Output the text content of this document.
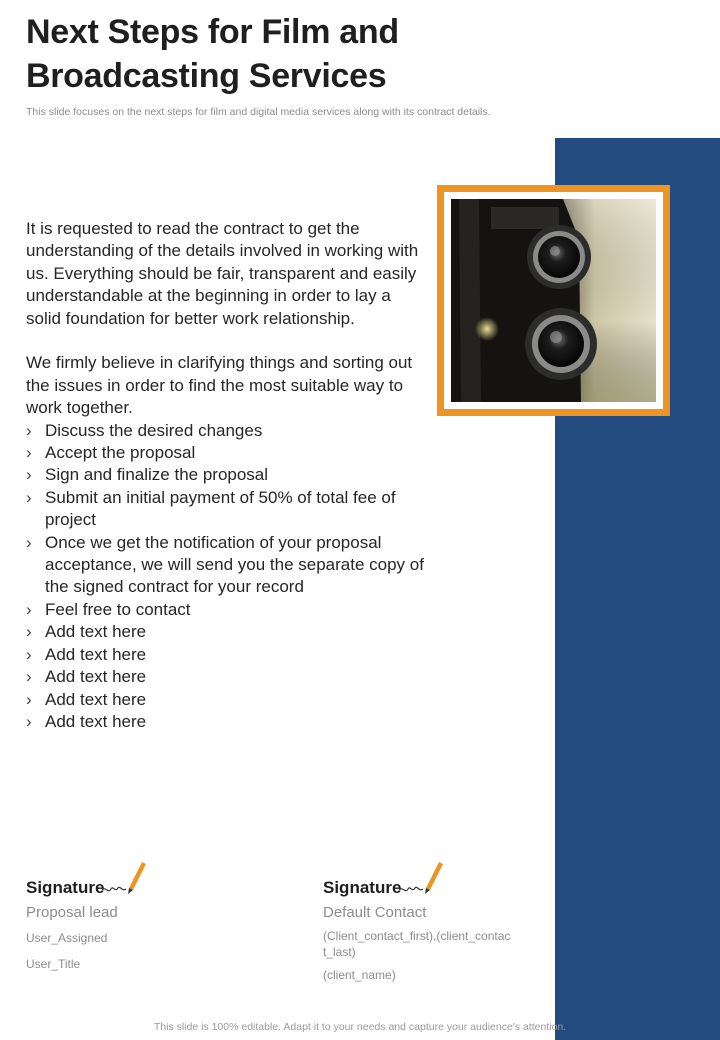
Next Steps for Film and Broadcasting Services

This slide focuses on the next steps for film and digital media services along with its contract details.

It is requested to read the contract to get the understanding of the details involved in working with us. Everything should be fair, transparent and easily understandable at the beginning in order to lay a solid foundation for better work relationship.

We firmly believe in clarifying things and sorting out the issues in order to find the most suitable way to work together.

› Discuss the desired changes
› Accept the proposal
› Sign and finalize the proposal
› Submit an initial payment of 50% of total fee of project
› Once we get the notification of your proposal acceptance, we will send you the separate copy of the signed contract for your record
› Feel free to contact
› Add text here
› Add text here
› Add text here
› Add text here
› Add text here
Signature
Proposal lead
User_Assigned
User_Title
Signature
Default Contact
(Client_contact_first),(client_contact_last)
(client_name)
This slide is 100% editable. Adapt it to your needs and capture your audience's attention.
